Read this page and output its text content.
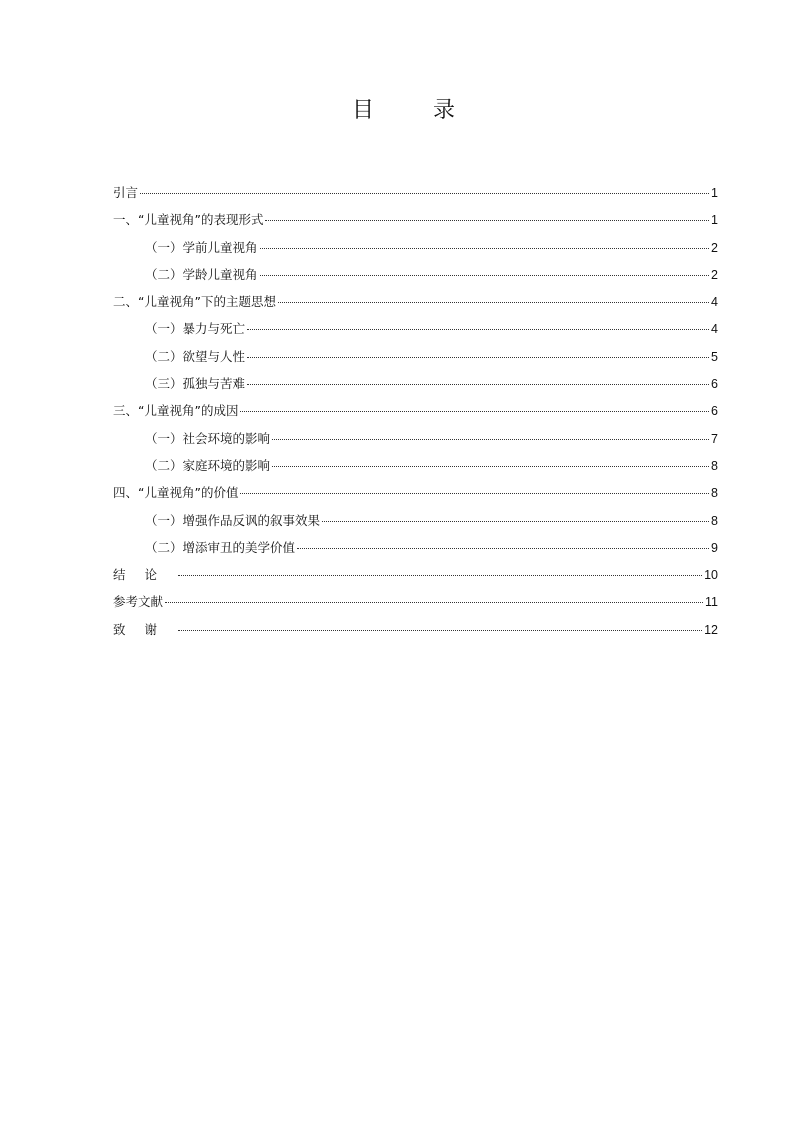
目 录
引言	1
一、“儿童视角”的表现形式	1
（一）学前儿童视角	2
（二）学龄儿童视角	2
二、“儿童视角”下的主题思想	4
（一）暴力与死亡	4
（二）欲望与人性	5
（三）孤独与苦难	6
三、“儿童视角”的成因	6
（一）社会环境的影响	7
（二）家庭环境的影响	8
四、“儿童视角”的价值	8
（一）增强作品反讽的叙事效果	8
（二）增添审丑的美学价值	9
结论	10
参考文献	11
致谢	12
